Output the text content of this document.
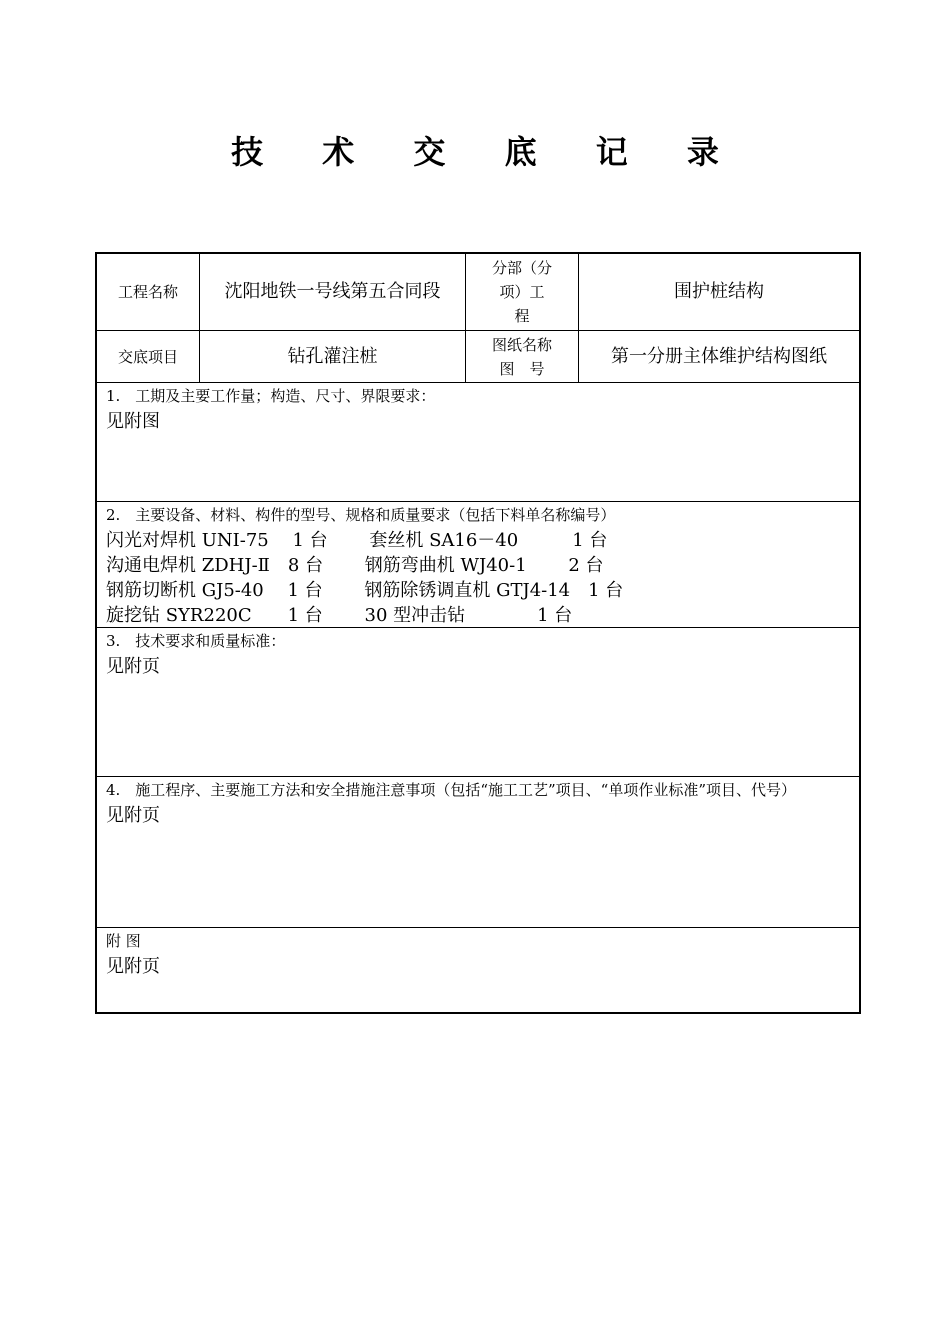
技 术 交 底 记 录
工程名称	沈阳地铁一号线第五合同段
分部（分
项）工
程
围护桩结构
交底项目	钻孔灌注桩
图纸名称
图　号
第一分册主体维护结构图纸
1.　工期及主要工作量；构造、尺寸、界限要求：
见附图
2.　主要设备、材料、构件的型号、规格和质量要求（包括下料单名称编号）
闪光对焊机 UNI-75　 1 台　　 套丝机 SA16－40　　　1 台
沟通电焊机 ZDHJ-Ⅱ　8 台　　 钢筋弯曲机 WJ40-1　　 2 台
钢筋切断机 GJ5-40　 1 台　　 钢筋除锈调直机 GTJ4-14　1 台
旋挖钻 SYR220C　　1 台　　 30 型冲击钻　　　　1 台
3.　技术要求和质量标准：
见附页
4.　施工程序、主要施工方法和安全措施注意事项（包括“施工工艺”项目、“单项作业标准”项目、代号）
见附页
附 图
见附页
